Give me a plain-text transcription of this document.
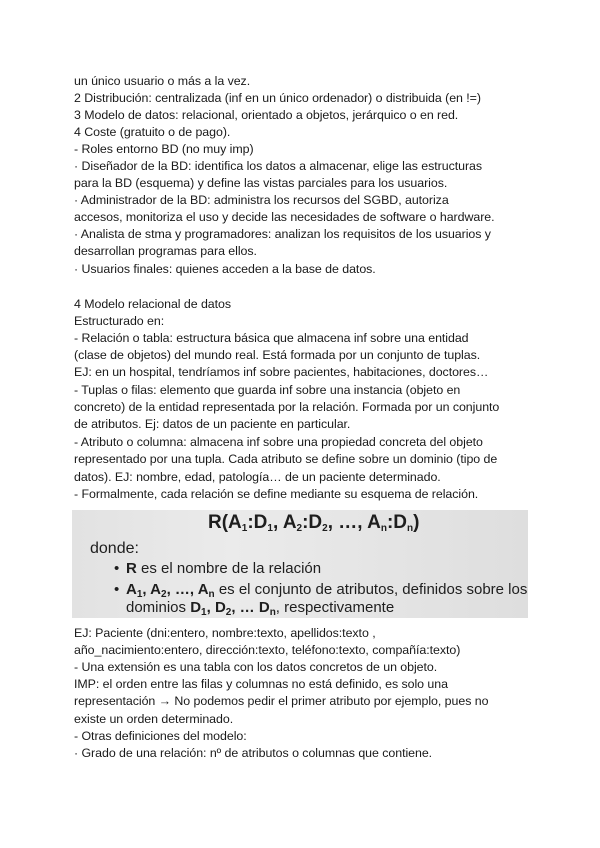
un único usuario o más a la vez.
2 Distribución: centralizada (inf en un único ordenador) o distribuida (en !=)
3 Modelo de datos: relacional, orientado a objetos, jerárquico o en red.
4 Coste (gratuito o de pago).
- Roles entorno BD (no muy imp)
· Diseñador de la BD: identifica los datos a almacenar, elige las estructuras
para la BD (esquema) y define las vistas parciales para los usuarios.
· Administrador de la BD: administra los recursos del SGBD, autoriza
accesos, monitoriza el uso y decide las necesidades de software o hardware.
· Analista de stma y programadores: analizan los requisitos de los usuarios y
desarrollan programas para ellos.
· Usuarios finales: quienes acceden a la base de datos.
4 Modelo relacional de datos
Estructurado en:
- Relación o tabla: estructura básica que almacena inf sobre una entidad
(clase de objetos) del mundo real. Está formada por un conjunto de tuplas.
EJ: en un hospital, tendríamos inf sobre pacientes, habitaciones, doctores…
- Tuplas o filas: elemento que guarda inf sobre una instancia (objeto en
concreto) de la entidad representada por la relación. Formada por un conjunto
de atributos. Ej: datos de un paciente en particular.
- Atributo o columna: almacena inf sobre una propiedad concreta del objeto
representado por una tupla. Cada atributo se define sobre un dominio (tipo de
datos). EJ: nombre, edad, patología… de un paciente determinado.
- Formalmente, cada relación se define mediante su esquema de relación.
$R(A_1:D_1$, $A_2:D_2$, …, $A_n:D_n$)
donde:
• R es el nombre de la relación
• $A_1$, $A_2$, …, $A_n$ es el conjunto de atributos, definidos sobre los
dominios $D_1$, $D_2$, … $D_n$, respectivamente
EJ: Paciente (dni:entero, nombre:texto, apellidos:texto ,
año_nacimiento:entero, dirección:texto, teléfono:texto, compañía:texto)
- Una extensión es una tabla con los datos concretos de un objeto.
IMP: el orden entre las filas y columnas no está definido, es solo una
representación → No podemos pedir el primer atributo por ejemplo, pues no
existe un orden determinado.
- Otras definiciones del modelo:
· Grado de una relación: nº de atributos o columnas que contiene.
